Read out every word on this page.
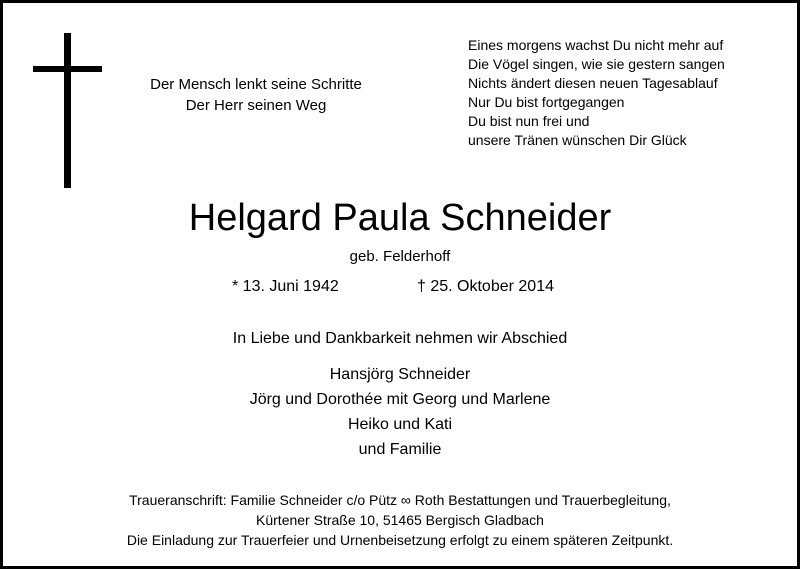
Der Mensch lenkt seine Schritte
Der Herr seinen Weg
Eines morgens wachst Du nicht mehr auf
Die Vögel singen, wie sie gestern sangen
Nichts ändert diesen neuen Tagesablauf
Nur Du bist fortgegangen
Du bist nun frei und
unsere Tränen wünschen Dir Glück
Helgard Paula Schneider
geb. Felderhoff
* 13. Juni 1942	† 25. Oktober 2014
In Liebe und Dankbarkeit nehmen wir Abschied
Hansjörg Schneider
Jörg und Dorothée mit Georg und Marlene
Heiko und Kati
und Familie
Traueranschrift: Familie Schneider c/o Pütz ∞ Roth Bestattungen und Trauerbegleitung,
Kürtener Straße 10, 51465 Bergisch Gladbach
Die Einladung zur Trauerfeier und Urnenbeisetzung erfolgt zu einem späteren Zeitpunkt.
